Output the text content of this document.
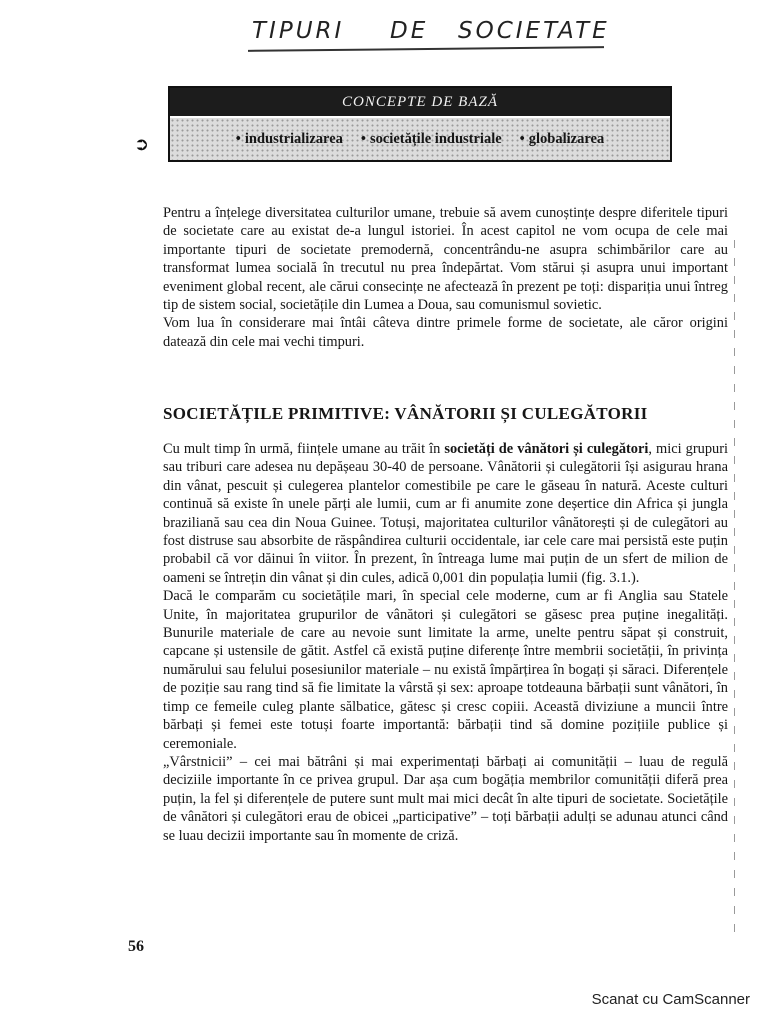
TIPURI DE SOCIETATE
➲
CONCEPTE DE BAZĂ
• industrializarea • societățile industriale • globalizarea

Pentru a înțelege diversitatea culturilor umane, trebuie să avem cunoștințe despre diferitele tipuri de societate care au existat de-a lungul istoriei. În acest capitol ne vom ocupa de cele mai importante tipuri de societate premodernă, concentrându-ne asupra schimbărilor care au transformat lumea socială în trecutul nu prea îndepărtat. Vom stărui și asupra unui important eveniment global recent, ale cărui consecințe ne afectează în prezent pe toți: dispariția unui întreg tip de sistem social, societățile din Lumea a Doua, sau comunismul sovietic.

Vom lua în considerare mai întâi câteva dintre primele forme de societate, ale căror origini datează din cele mai vechi timpuri.

SOCIETĂȚILE PRIMITIVE: VÂNĂTORII ȘI CULEGĂTORII

Cu mult timp în urmă, ființele umane au trăit în societăți de vânători și culegători, mici grupuri sau triburi care adesea nu depășeau 30-40 de persoane. Vânătorii și culegătorii își asigurau hrana din vânat, pescuit și culegerea plantelor comestibile pe care le găseau în natură. Aceste culturi continuă să existe în unele părți ale lumii, cum ar fi anumite zone deșertice din Africa și jungla braziliană sau cea din Noua Guinee. Totuși, majoritatea culturilor vânătorești și de culegători au fost distruse sau absorbite de răspândirea culturii occidentale, iar cele care mai persistă este puțin probabil că vor dăinui în viitor. În prezent, în întreaga lume mai puțin de un sfert de milion de oameni se întrețin din vânat și din cules, adică 0,001 din populația lumii (fig. 3.1.).

Dacă le comparăm cu societățile mari, în special cele moderne, cum ar fi Anglia sau Statele Unite, în majoritatea grupurilor de vânători și culegători se găsesc prea puține inegalități. Bunurile materiale de care au nevoie sunt limitate la arme, unelte pentru săpat și construit, capcane și ustensile de gătit. Astfel că există puține diferențe între membrii societății, în privința numărului sau felului posesiunilor materiale – nu există împărțirea în bogați și săraci. Diferențele de poziție sau rang tind să fie limitate la vârstă și sex: aproape totdeauna bărbații sunt vânători, în timp ce femeile culeg plante sălbatice, gătesc și cresc copiii. Această diviziune a muncii între bărbați și femei este totuși foarte importantă: bărbații tind să domine pozițiile publice și ceremoniale.

„Vârstnicii” – cei mai bătrâni și mai experimentați bărbați ai comunității – luau de regulă deciziile importante în ce privea grupul. Dar așa cum bogăția membrilor comunității diferă prea puțin, la fel și diferențele de putere sunt mult mai mici decât în alte tipuri de societate. Societățile de vânători și culegători erau de obicei „participative” – toți bărbații adulți se adunau atunci când se luau decizii importante sau în momente de criză.

56
Scanat cu CamScanner
